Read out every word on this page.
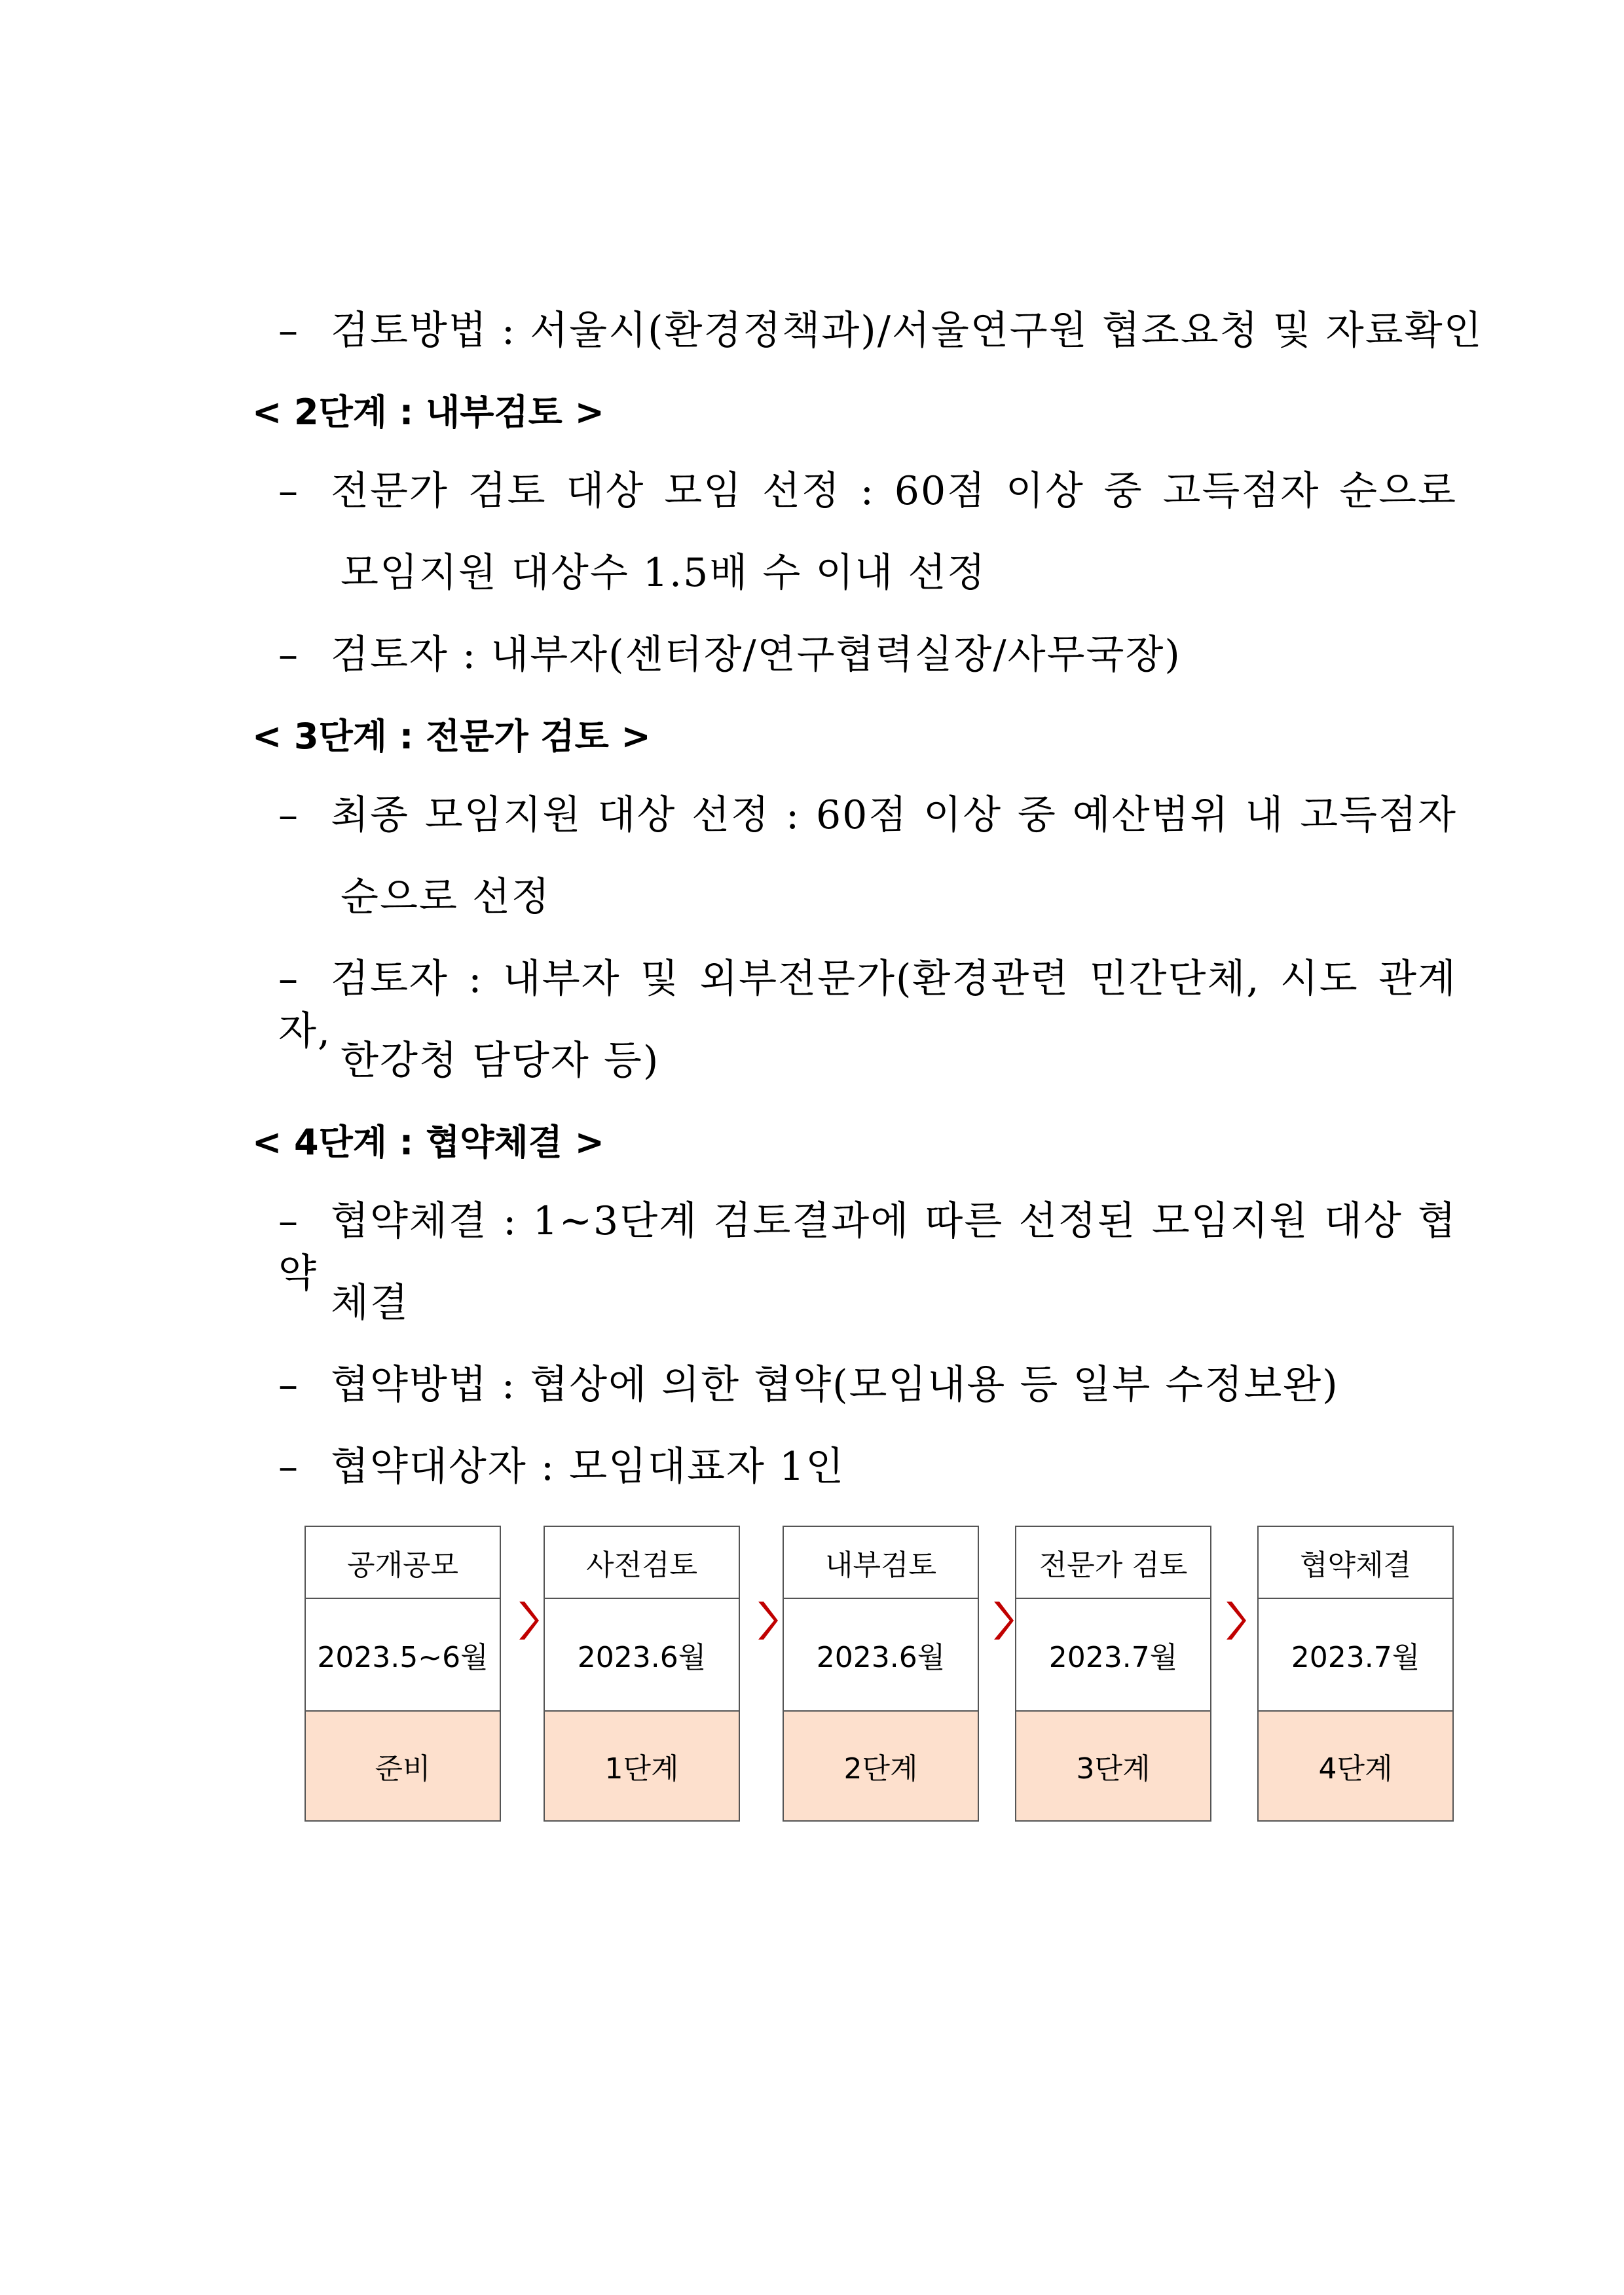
– 검토방법 : 서울시(환경정책과)/서울연구원 협조요청 및 자료확인
< 2단계 : 내부검토 >
– 전문가 검토 대상 모임 선정 : 60점 이상 중 고득점자 순으로
모임지원 대상수 1.5배 수 이내 선정
– 검토자 : 내부자(센터장/연구협력실장/사무국장)
< 3단계 : 전문가 검토 >
– 최종 모임지원 대상 선정 : 60점 이상 중 예산범위 내 고득점자
순으로 선정
– 검토자 : 내부자 및 외부전문가(환경관련 민간단체, 시도 관계자,
한강청 담당자 등)
< 4단계 : 협약체결 >
– 협약체결 : 1~3단계 검토결과에 따른 선정된 모임지원 대상 협약
체결
– 협약방법 : 협상에 의한 협약(모임내용 등 일부 수정보완)
– 협약대상자 : 모임대표자 1인
공개공모
2023.5~6월
준비
사전검토
2023.6월
1단계
내부검토
2023.6월
2단계
전문가 검토
2023.7월
3단계
협약체결
2023.7월
4단계
